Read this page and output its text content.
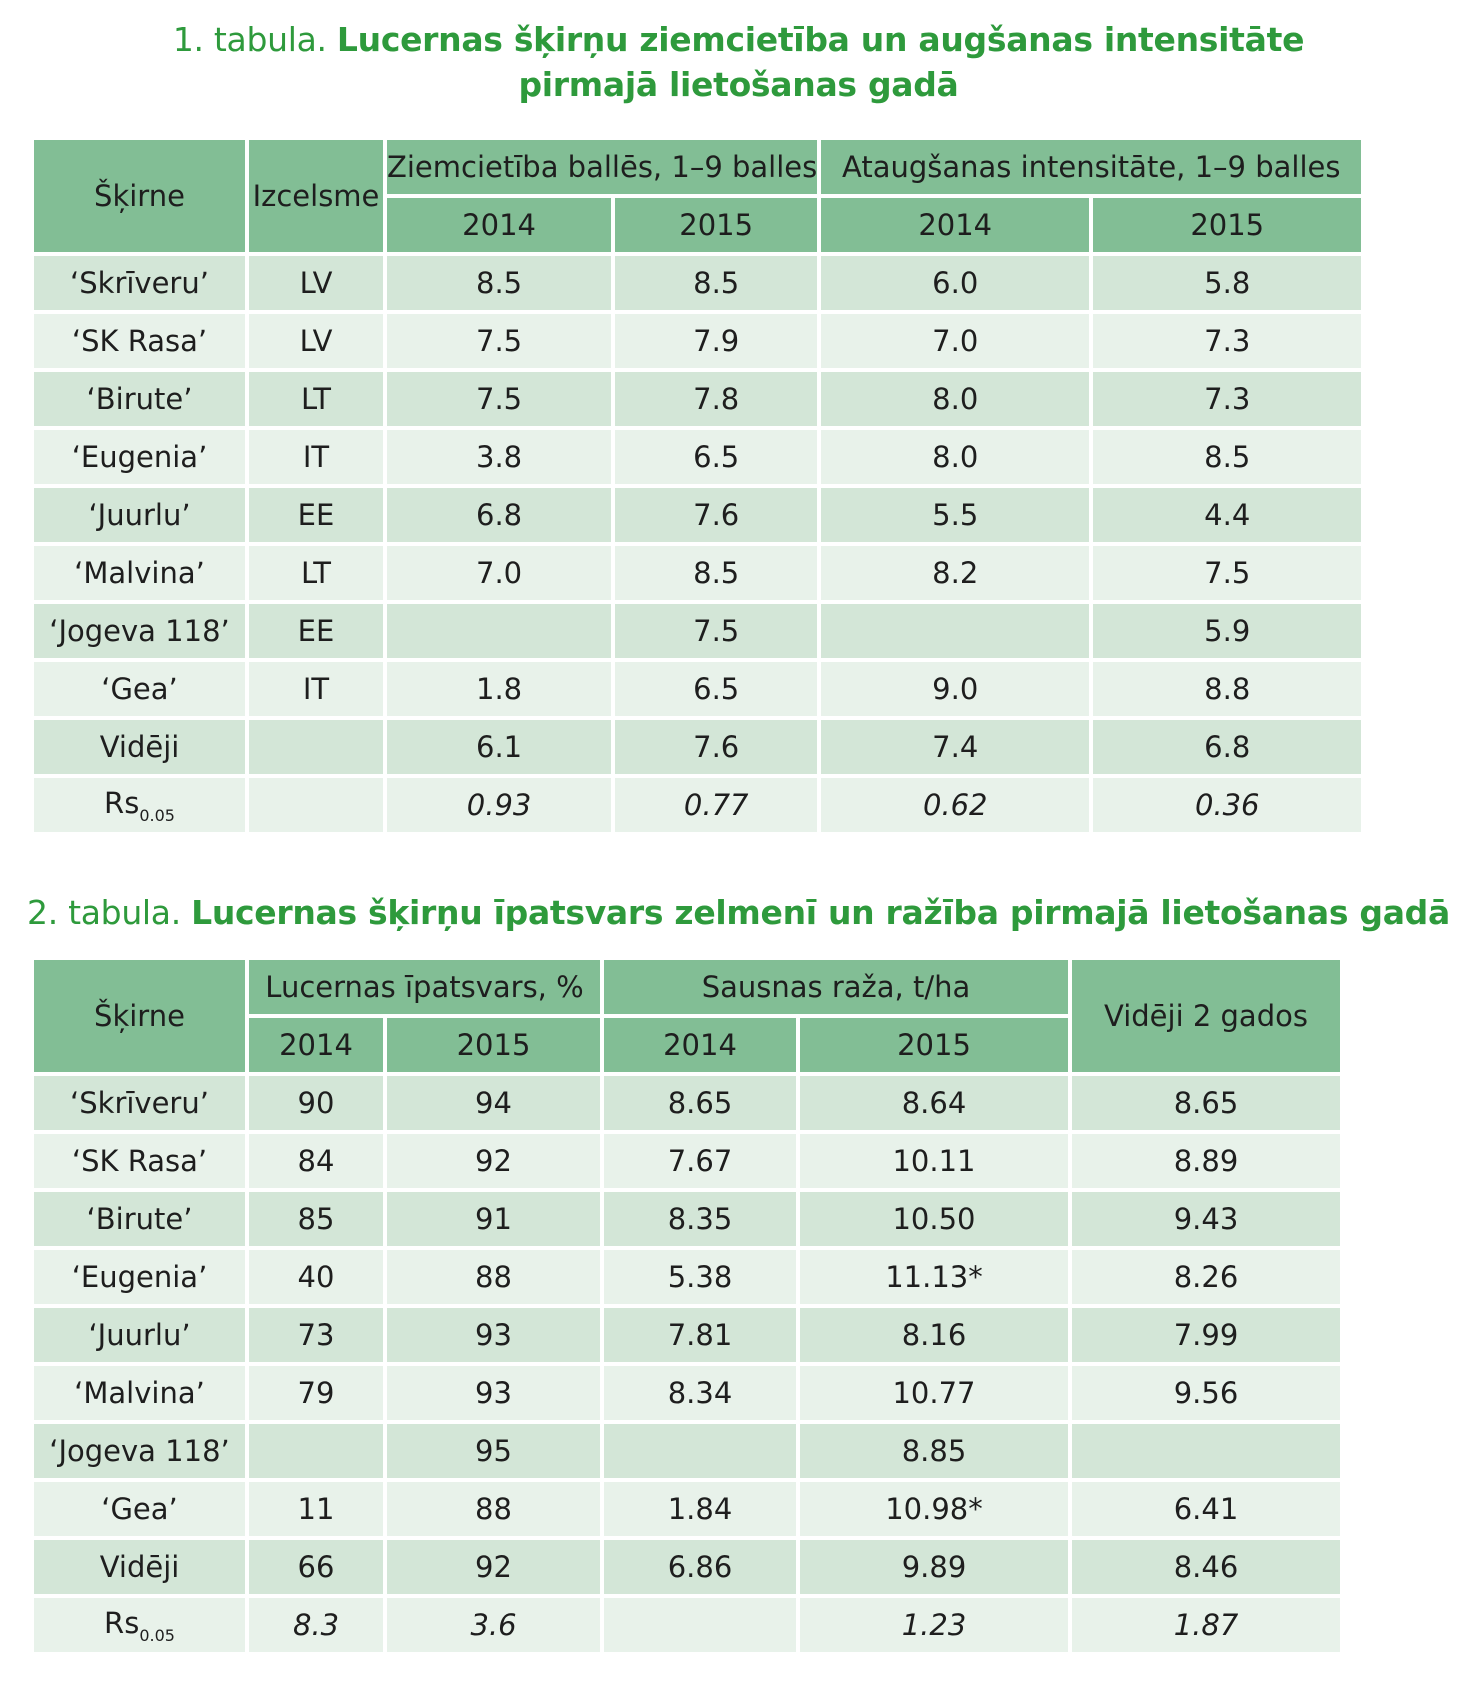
1. tabula. Lucernas šķirņu ziemcietība un augšanas intensitāte
pirmajā lietošanas gadā
Šķirne	Izcelsme	Ziemcietība ballēs, 1–9 balles		Ataugšanas intensitāte, 1–9 balles	
		2014	2015	2014	2015
‘Skrīveru’	LV	8.5	8.5	6.0	5.8
‘SK Rasa’	LV	7.5	7.9	7.0	7.3
‘Birute’	LT	7.5	7.8	8.0	7.3
‘Eugenia’	IT	3.8	6.5	8.0	8.5
‘Juurlu’	EE	6.8	7.6	5.5	4.4
‘Malvina’	LT	7.0	8.5	8.2	7.5
‘Jogeva 118’	EE		7.5		5.9
‘Gea’	IT	1.8	6.5	9.0	8.8
Vidēji		6.1	7.6	7.4	6.8
$Rs_{0.05}$		0.93	0.77	0.62	0.36
2. tabula. Lucernas šķirņu īpatsvars zelmenī un ražība pirmajā lietošanas gadā
Šķirne	Lucernas īpatsvars, %		Sausnas raža, t/ha		Vidēji 2 gados
	2014	2015	2014	2015	
‘Skrīveru’	90	94	8.65	8.64	8.65
‘SK Rasa’	84	92	7.67	10.11	8.89
‘Birute’	85	91	8.35	10.50	9.43
‘Eugenia’	40	88	5.38	11.13*	8.26
‘Juurlu’	73	93	7.81	8.16	7.99
‘Malvina’	79	93	8.34	10.77	9.56
‘Jogeva 118’		95		8.85	
‘Gea’	11	88	1.84	10.98*	6.41
Vidēji	66	92	6.86	9.89	8.46
$Rs_{0.05}$	8.3	3.6		1.23	1.87
